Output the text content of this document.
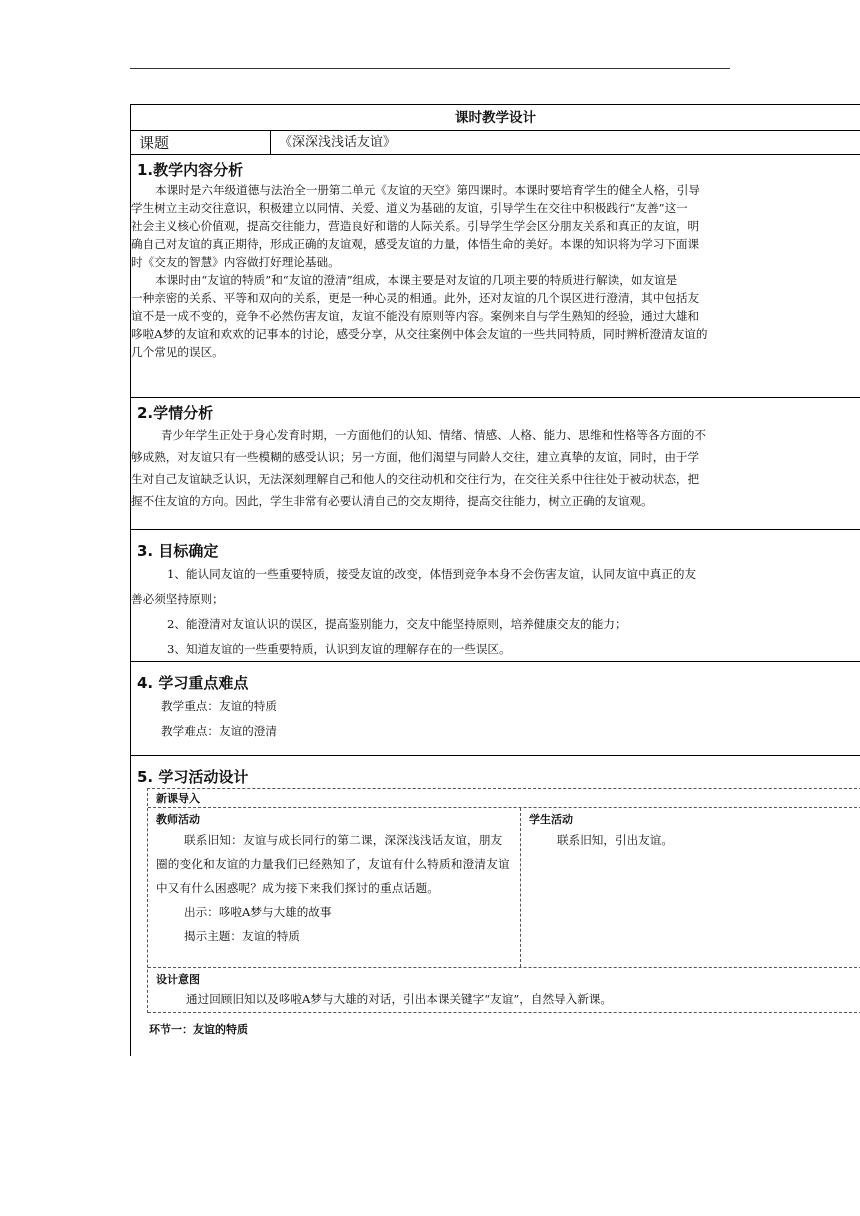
课时教学设计
课题	《深深浅浅话友谊》
1.教学内容分析
本课时是六年级道德与法治全一册第二单元《友谊的天空》第四课时。本课时要培育学生的健全人格，引导
学生树立主动交往意识，积极建立以同情、关爱、道义为基础的友谊，引导学生在交往中积极践行“友善”这一
社会主义核心价值观，提高交往能力，营造良好和谐的人际关系。引导学生学会区分朋友关系和真正的友谊，明
确自己对友谊的真正期待，形成正确的友谊观，感受友谊的力量，体悟生命的美好。本课的知识将为学习下面课
时《交友的智慧》内容做打好理论基础。
本课时由“友谊的特质”和“友谊的澄清”组成，本课主要是对友谊的几项主要的特质进行解读，如友谊是
一种亲密的关系、平等和双向的关系，更是一种心灵的相通。此外，还对友谊的几个误区进行澄清，其中包括友
谊不是一成不变的，竞争不必然伤害友谊，友谊不能没有原则等内容。案例来自与学生熟知的经验，通过大雄和
哆啦A梦的友谊和欢欢的记事本的讨论，感受分享，从交往案例中体会友谊的一些共同特质，同时辨析澄清友谊的
几个常见的误区。
2.学情分析
青少年学生正处于身心发育时期，一方面他们的认知、情绪、情感、人格、能力、思维和性格等各方面的不
够成熟，对友谊只有一些模糊的感受认识；另一方面，他们渴望与同龄人交往，建立真挚的友谊，同时，由于学
生对自己友谊缺乏认识，无法深刻理解自己和他人的交往动机和交往行为，在交往关系中往往处于被动状态，把
握不住友谊的方向。因此，学生非常有必要认清自己的交友期待，提高交往能力，树立正确的友谊观。
3. 目标确定
1、能认同友谊的一些重要特质，接受友谊的改变，体悟到竞争本身不会伤害友谊，认同友谊中真正的友
善必须坚持原则；
2、能澄清对友谊认识的误区，提高鉴别能力，交友中能坚持原则，培养健康交友的能力；
3、知道友谊的一些重要特质，认识到友谊的理解存在的一些误区。
4. 学习重点难点
教学重点：友谊的特质
教学难点：友谊的澄清
5. 学习活动设计
新课导入
教师活动
联系旧知：友谊与成长同行的第二课，深深浅浅话友谊，朋友圈的变化和友谊的力量我们已经熟知了，友谊有什么特质和澄清友谊中又有什么困惑呢？成为接下来我们探讨的重点话题。
出示：哆啦A梦与大雄的故事
揭示主题：友谊的特质
学生活动
联系旧知，引出友谊。
设计意图
通过回顾旧知以及哆啦A梦与大雄的对话，引出本课关键字“友谊”，自然导入新课。
环节一：友谊的特质
